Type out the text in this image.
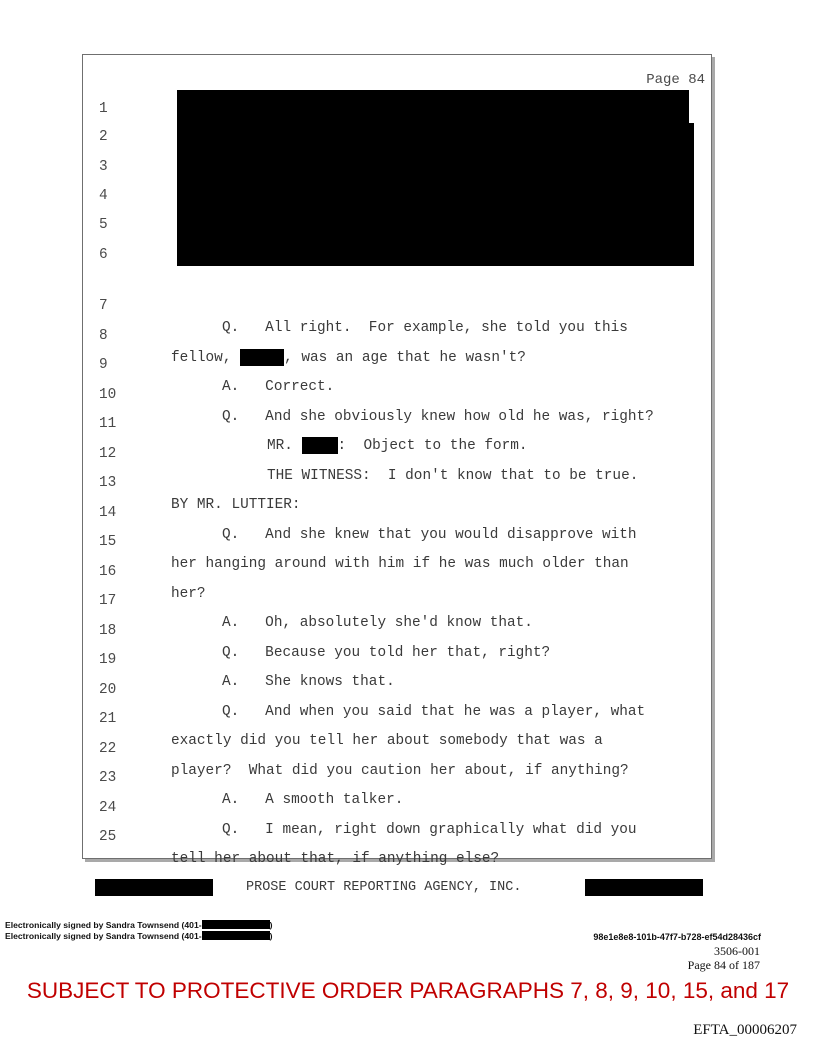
Page 84
1
2
3
4
5
6

7

Q.   All right.  For example, she told you this

8

fellow,	, was an age that he wasn't?

9

A.   Correct.

10

Q.   And she obviously knew how old he was, right?

11

MR.	:  Object to the form.

12

THE WITNESS:  I don't know that to be true.

13

BY MR. LUTTIER:

14

Q.   And she knew that you would disapprove with

15

her hanging around with him if he was much older than

16

her?

17

A.   Oh, absolutely she'd know that.

18

Q.   Because you told her that, right?

19

A.   She knows that.

20

Q.   And when you said that he was a player, what

21

exactly did you tell her about somebody that was a

22

player?  What did you caution her about, if anything?

23

A.   A smooth talker.

24

Q.   I mean, right down graphically what did you

25

tell her about that, if anything else?

PROSE COURT REPORTING AGENCY, INC.
Electronically signed by Sandra Townsend (401-	)
Electronically signed by Sandra Townsend (401-	)	98e1e8e8-101b-47f7-b728-ef54d28436cf
3506-001
Page 84 of 187
SUBJECT TO PROTECTIVE ORDER PARAGRAPHS 7, 8, 9, 10, 15, and 17
EFTA_00006207
